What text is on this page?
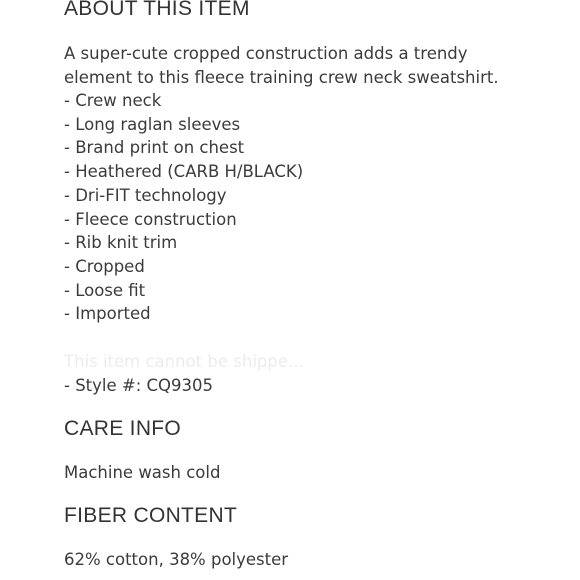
ABOUT THIS ITEM

A super-cute cropped construction adds a trendy
element to this fleece training crew neck sweatshirt.

- Crew neck
- Long raglan sleeves
- Brand print on chest
- Heathered (CARB H/BLACK)
- Dri-FIT technology
- Fleece construction
- Rib knit trim
- Cropped
- Loose fit
- Imported

This item cannot be shippe...

- Style #: CQ9305

CARE INFO

Machine wash cold

FIBER CONTENT

62% cotton, 38% polyester
